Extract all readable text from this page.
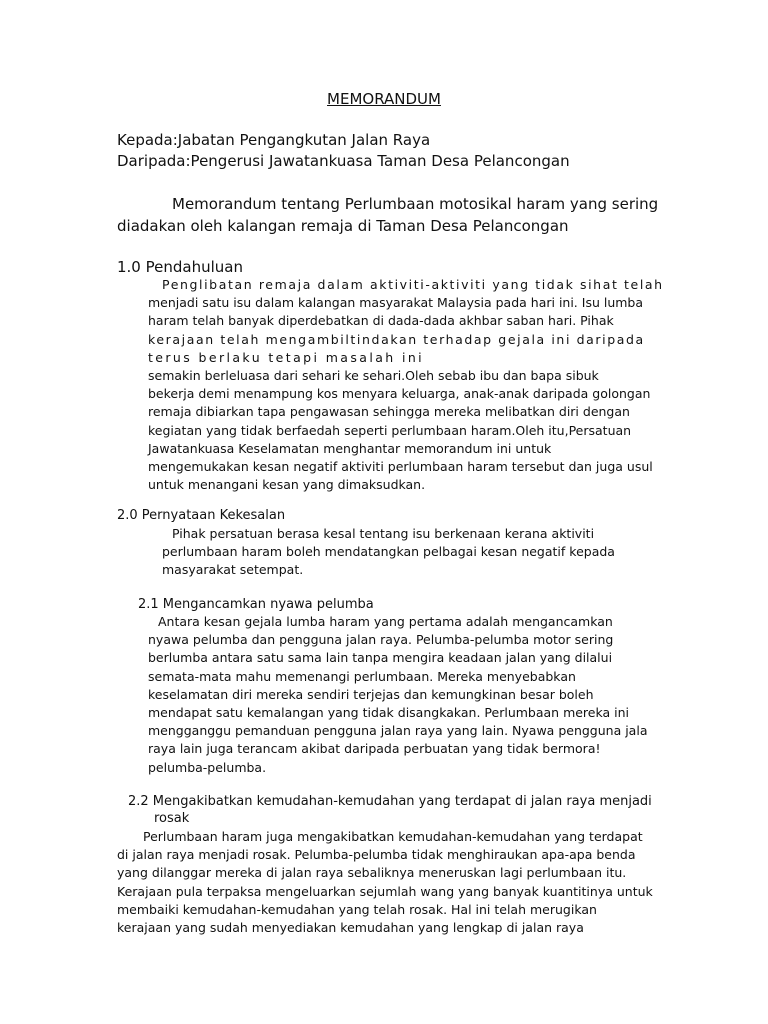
MEMORANDUM
Kepada:Jabatan Pengangkutan Jalan Raya
Daripada:Pengerusi Jawatankuasa Taman Desa Pelancongan
Memorandum tentang Perlumbaan motosikal haram yang sering
diadakan oleh kalangan remaja di Taman Desa Pelancongan
1.0 Pendahuluan
Penglibatan remaja dalam aktiviti-aktiviti yang tidak sihat telah
menjadi satu isu dalam kalangan masyarakat Malaysia pada hari ini. Isu lumba
haram telah banyak diperdebatkan di dada-dada akhbar saban hari. Pihak
kerajaan telah mengambiltindakan terhadap gejala ini daripada
terus berlaku tetapi masalah ini
semakin berleluasa dari sehari ke sehari.Oleh sebab ibu dan bapa sibuk
bekerja demi menampung kos menyara keluarga, anak-anak daripada golongan
remaja dibiarkan tapa pengawasan sehingga mereka melibatkan diri dengan
kegiatan yang tidak berfaedah seperti perlumbaan haram.Oleh itu,Persatuan
Jawatankuasa Keselamatan menghantar memorandum ini untuk
mengemukakan kesan negatif aktiviti perlumbaan haram tersebut dan juga usul
untuk menangani kesan yang dimaksudkan.
2.0 Pernyataan Kekesalan
Pihak persatuan berasa kesal tentang isu berkenaan kerana aktiviti
perlumbaan haram boleh mendatangkan pelbagai kesan negatif kepada
masyarakat setempat.
2.1 Mengancamkan nyawa pelumba
Antara kesan gejala lumba haram yang pertama adalah mengancamkan
nyawa pelumba dan pengguna jalan raya. Pelumba-pelumba motor sering
berlumba antara satu sama lain tanpa mengira keadaan jalan yang dilalui
semata-mata mahu memenangi perlumbaan. Mereka menyebabkan
keselamatan diri mereka sendiri terjejas dan kemungkinan besar boleh
mendapat satu kemalangan yang tidak disangkakan. Perlumbaan mereka ini
mengganggu pemanduan pengguna jalan raya yang lain. Nyawa pengguna jala
raya lain juga terancam akibat daripada perbuatan yang tidak bermora!
pelumba-pelumba.
2.2 Mengakibatkan kemudahan-kemudahan yang terdapat di jalan raya menjadi
rosak
Perlumbaan haram juga mengakibatkan kemudahan-kemudahan yang terdapat
di jalan raya menjadi rosak. Pelumba-pelumba tidak menghiraukan apa-apa benda
yang dilanggar mereka di jalan raya sebaliknya meneruskan lagi perlumbaan itu.
Kerajaan pula terpaksa mengeluarkan sejumlah wang yang banyak kuantitinya untuk
membaiki kemudahan-kemudahan yang telah rosak. Hal ini telah merugikan
kerajaan yang sudah menyediakan kemudahan yang lengkap di jalan raya
